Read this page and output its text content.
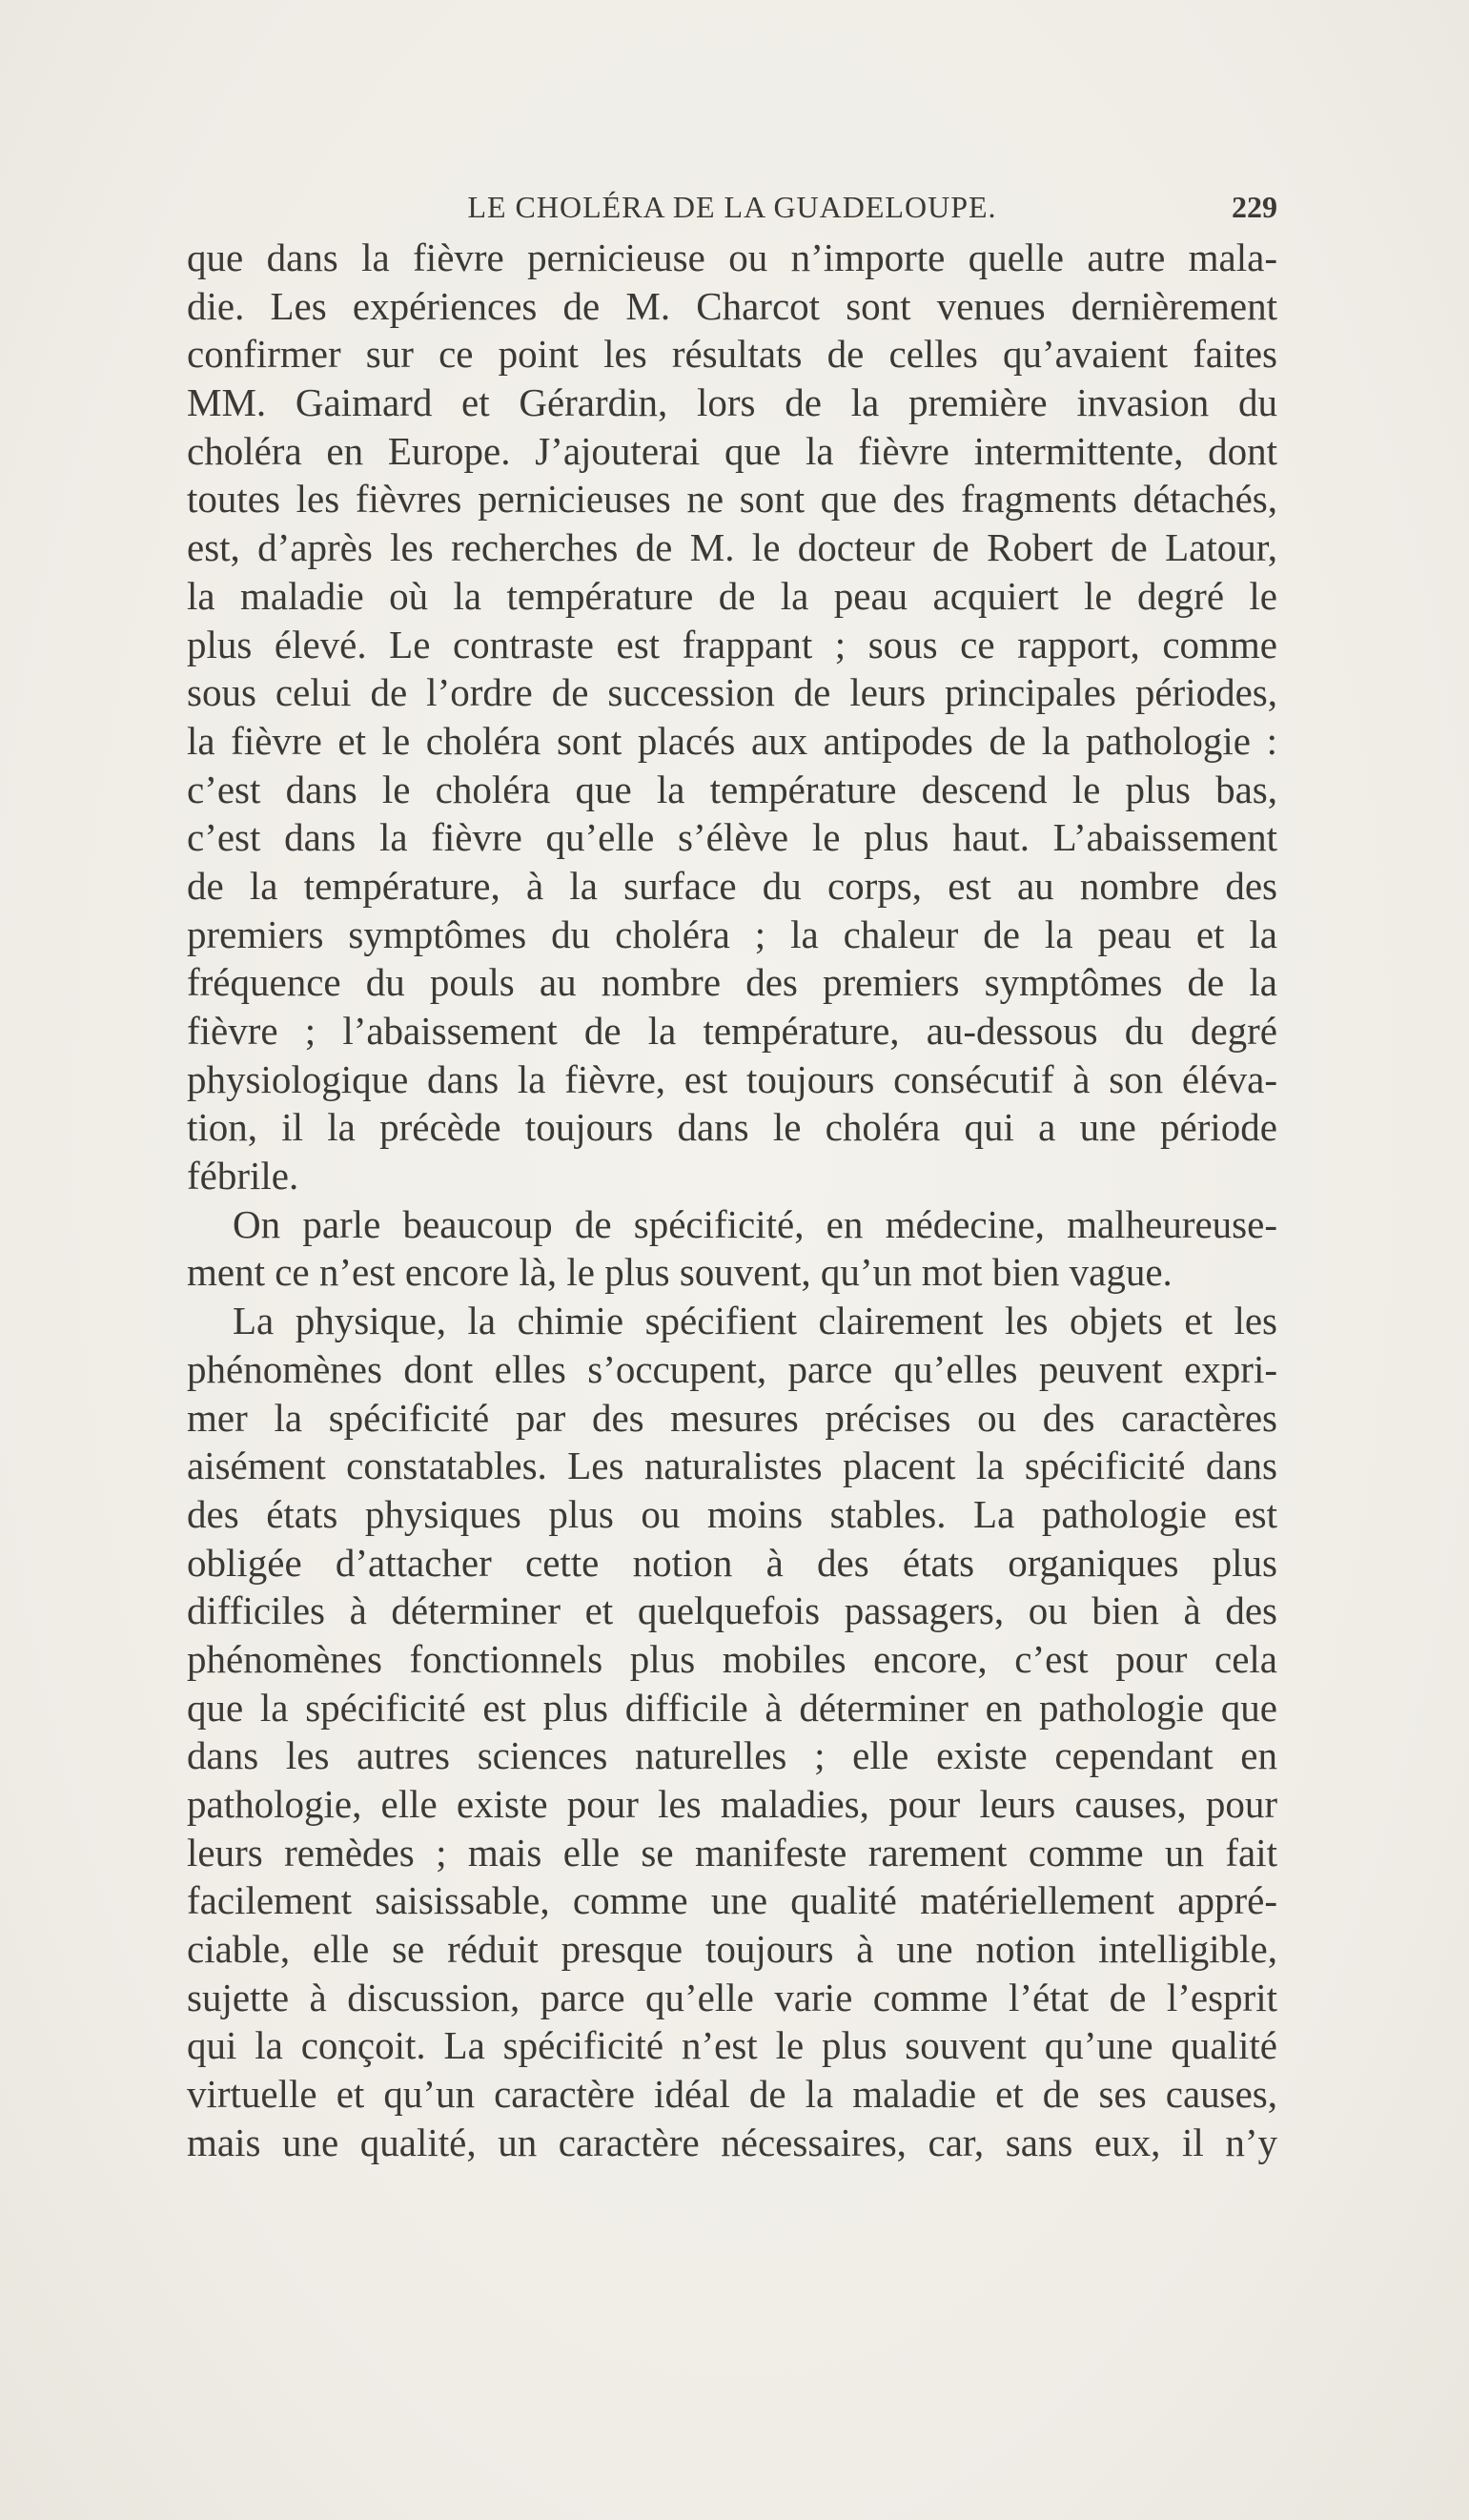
LE CHOLÉRA DE LA GUADELOUPE.	229
que dans la fièvre pernicieuse ou n’importe quelle autre mala-
die. Les expériences de M. Charcot sont venues dernièrement
confirmer sur ce point les résultats de celles qu’avaient faites
MM. Gaimard et Gérardin, lors de la première invasion du
choléra en Europe. J’ajouterai que la fièvre intermittente, dont
toutes les fièvres pernicieuses ne sont que des fragments détachés,
est, d’après les recherches de M. le docteur de Robert de Latour,
la maladie où la température de la peau acquiert le degré le
plus élevé. Le contraste est frappant ; sous ce rapport, comme
sous celui de l’ordre de succession de leurs principales périodes,
la fièvre et le choléra sont placés aux antipodes de la pathologie :
c’est dans le choléra que la température descend le plus bas,
c’est dans la fièvre qu’elle s’élève le plus haut. L’abaissement
de la température, à la surface du corps, est au nombre des
premiers symptômes du choléra ; la chaleur de la peau et la
fréquence du pouls au nombre des premiers symptômes de la
fièvre ; l’abaissement de la température, au-dessous du degré
physiologique dans la fièvre, est toujours consécutif à son éléva-
tion, il la précède toujours dans le choléra qui a une période
fébrile.
On parle beaucoup de spécificité, en médecine, malheureuse-
ment ce n’est encore là, le plus souvent, qu’un mot bien vague.
La physique, la chimie spécifient clairement les objets et les
phénomènes dont elles s’occupent, parce qu’elles peuvent expri-
mer la spécificité par des mesures précises ou des caractères
aisément constatables. Les naturalistes placent la spécificité dans
des états physiques plus ou moins stables. La pathologie est
obligée d’attacher cette notion à des états organiques plus
difficiles à déterminer et quelquefois passagers, ou bien à des
phénomènes fonctionnels plus mobiles encore, c’est pour cela
que la spécificité est plus difficile à déterminer en pathologie que
dans les autres sciences naturelles ; elle existe cependant en
pathologie, elle existe pour les maladies, pour leurs causes, pour
leurs remèdes ; mais elle se manifeste rarement comme un fait
facilement saisissable, comme une qualité matériellement appré-
ciable, elle se réduit presque toujours à une notion intelligible,
sujette à discussion, parce qu’elle varie comme l’état de l’esprit
qui la conçoit. La spécificité n’est le plus souvent qu’une qualité
virtuelle et qu’un caractère idéal de la maladie et de ses causes,
mais une qualité, un caractère nécessaires, car, sans eux, il n’y
